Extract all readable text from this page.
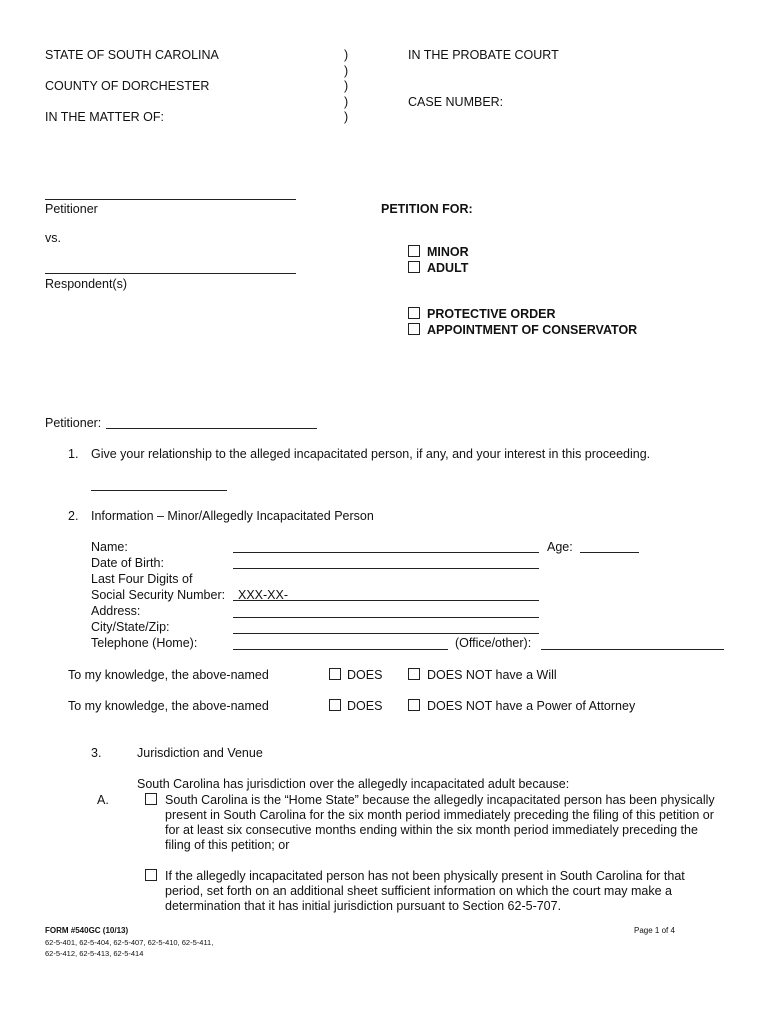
STATE OF SOUTH CAROLINA
COUNTY OF DORCHESTER
IN THE MATTER OF:
)
)
)
)
)
IN THE PROBATE COURT
CASE NUMBER:
Petitioner
vs.
Respondent(s)
PETITION FOR:
MINOR
ADULT
PROTECTIVE ORDER
APPOINTMENT OF CONSERVATOR
Petitioner:
1. Give your relationship to the alleged incapacitated person, if any, and your interest in this proceeding.
2. Information – Minor/Allegedly Incapacitated Person
Name:	Age:
Date of Birth:
Last Four Digits of
Social Security Number: XXX-XX-
Address:
City/State/Zip:
Telephone (Home):	(Office/other):
To my knowledge, the above-named	DOES	DOES NOT have a Will
To my knowledge, the above-named	DOES	DOES NOT have a Power of Attorney
3.	Jurisdiction and Venue
South Carolina has jurisdiction over the allegedly incapacitated adult because:
A.	South Carolina is the “Home State” because the allegedly incapacitated person has been physically
present in South Carolina for the six month period immediately preceding the filing of this petition or
for at least six consecutive months ending within the six month period immediately preceding the
filing of this petition; or
If the allegedly incapacitated person has not been physically present in South Carolina for that
period, set forth on an additional sheet sufficient information on which the court may make a
determination that it has initial jurisdiction pursuant to Section 62-5-707.
FORM #540GC (10/13)
62-5-401, 62-5-404, 62-5-407, 62-5-410, 62-5-411,
62-5-412, 62-5-413, 62-5-414
Page 1 of 4
